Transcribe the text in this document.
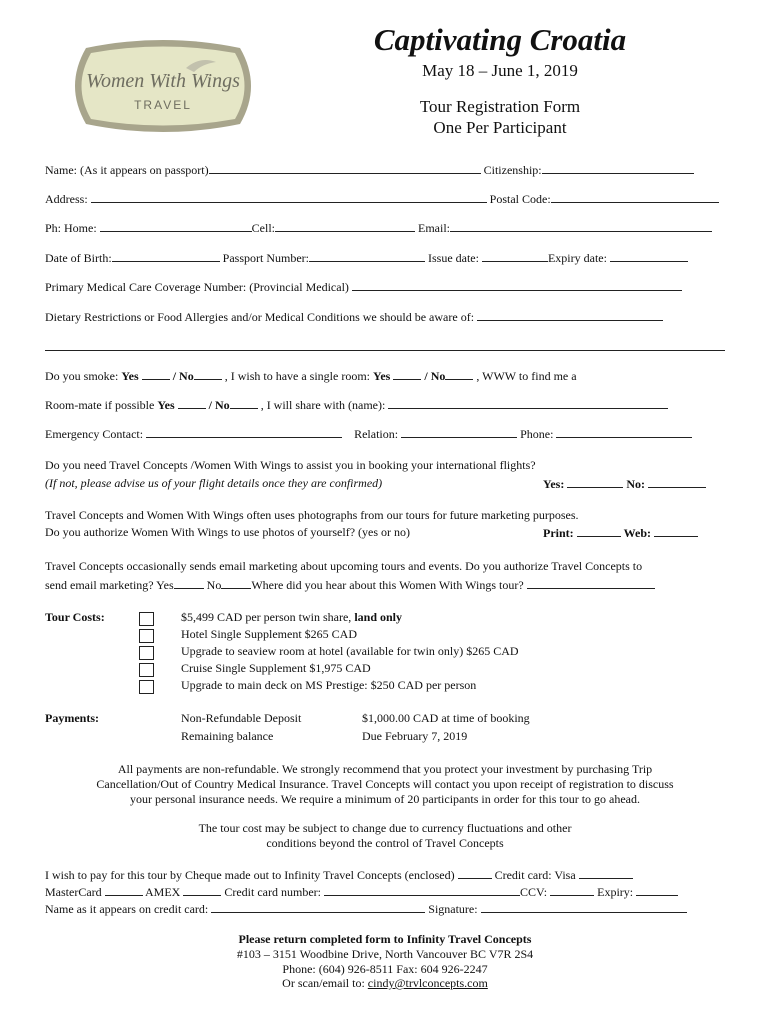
Women With Wings
TRAVEL
Captivating Croatia
May 18 – June 1, 2019
Tour Registration Form
One Per Participant
Name: (As it appears on passport)	Citizenship:
Address:	Postal Code:
Ph: Home:	Cell:	Email:
Date of Birth:	Passport Number:	Issue date:	Expiry date:
Primary Medical Care Coverage Number: (Provincial Medical)
Dietary Restrictions or Food Allergies and/or Medical Conditions we should be aware of:
Do you smoke: Yes	/ No	, I wish to have a single room: Yes	/ No	, WWW to find me a
Room-mate if possible Yes	/ No	, I will share with (name):
Emergency Contact:	Relation:	Phone:
Do you need Travel Concepts /Women With Wings to assist you in booking your international flights?
(If not, please advise us of your flight details once they are confirmed)	Yes:	No:
Travel Concepts and Women With Wings often uses photographs from our tours for future marketing purposes.
Do you authorize Women With Wings to use photos of yourself? (yes or no)	Print:	Web:
Travel Concepts occasionally sends email marketing about upcoming tours and events. Do you authorize Travel Concepts to
send email marketing? Yes	No	Where did you hear about this Women With Wings tour?
Tour Costs:	$5,499 CAD per person twin share, land only
Hotel Single Supplement $265 CAD
Upgrade to seaview room at hotel (available for twin only) $265 CAD
Cruise Single Supplement $1,975 CAD
Upgrade to main deck on MS Prestige: $250 CAD per person
Payments:	Non-Refundable Deposit	$1,000.00 CAD at time of booking
Remaining balance	Due February 7, 2019
All payments are non-refundable. We strongly recommend that you protect your investment by purchasing Trip
Cancellation/Out of Country Medical Insurance. Travel Concepts will contact you upon receipt of registration to discuss
your personal insurance needs. We require a minimum of 20 participants in order for this tour to go ahead.
The tour cost may be subject to change due to currency fluctuations and other
conditions beyond the control of Travel Concepts
I wish to pay for this tour by Cheque made out to Infinity Travel Concepts (enclosed)	Credit card: Visa
MasterCard	AMEX	Credit card number:	CCV:	Expiry:
Name as it appears on credit card:	Signature:
Please return completed form to Infinity Travel Concepts
#103 – 3151 Woodbine Drive, North Vancouver BC V7R 2S4
Phone: (604) 926-8511 Fax: 604 926-2247
Or scan/email to: cindy@trvlconcepts.com
